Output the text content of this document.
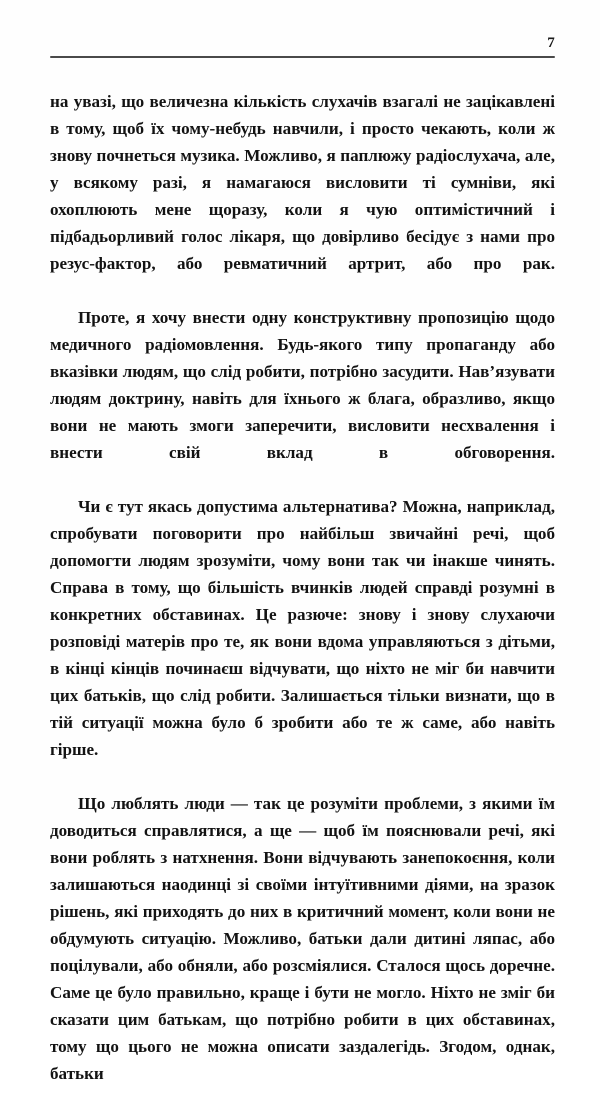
7

на увазі, що величезна кількість слухачів взагалі не зацікавлені в тому, щоб їх чому-небудь навчили, і просто чекають, коли ж знову почнеться музика. Можливо, я паплюжу радіослухача, але, у всякому разі, я намагаюся висловити ті сумніви, які охоплюють мене щоразу, коли я чую оптимістичний і підбадьорливий голос лікаря, що довірливо бесідує з нами про резус-фактор, або ревматичний артрит, або про рак.

Проте, я хочу внести одну конструктивну пропозицію щодо медичного радіомовлення. Будь-якого типу пропаганду або вказівки людям, що слід робити, потрібно засудити. Нав’язувати людям доктрину, навіть для їхнього ж блага, образливо, якщо вони не мають змоги заперечити, висловити несхвалення і внести свій вклад в обговорення.

Чи є тут якась допустима альтернатива? Можна, наприклад, спробувати поговорити про найбільш звичайні речі, щоб допомогти людям зрозуміти, чому вони так чи інакше чинять. Справа в тому, що більшість вчинків людей справді розумні в конкретних обставинах. Це разюче: знову і знову слухаючи розповіді матерів про те, як вони вдома управляються з дітьми, в кінці кінців починаєш відчувати, що ніхто не міг би навчити цих батьків, що слід робити. Залишається тільки визнати, що в тій ситуації можна було б зробити або те ж саме, або навіть гірше.

Що люблять люди — так це розуміти проблеми, з якими їм доводиться справлятися, а ще — щоб їм пояснювали речі, які вони роблять з натхнення. Вони відчувають занепокоєння, коли залишаються наодинці зі своїми інтуїтивними діями, на зразок рішень, які приходять до них в критичний момент, коли вони не обдумують ситуацію. Можливо, батьки дали дитині ляпас, або поцілували, або обняли, або розсміялися. Сталося щось доречне. Саме це було правильно, краще і бути не могло. Ніхто не зміг би сказати цим батькам, що потрібно робити в цих обставинах, тому що цього не можна описати заздалегідь. Згодом, однак, батьки
